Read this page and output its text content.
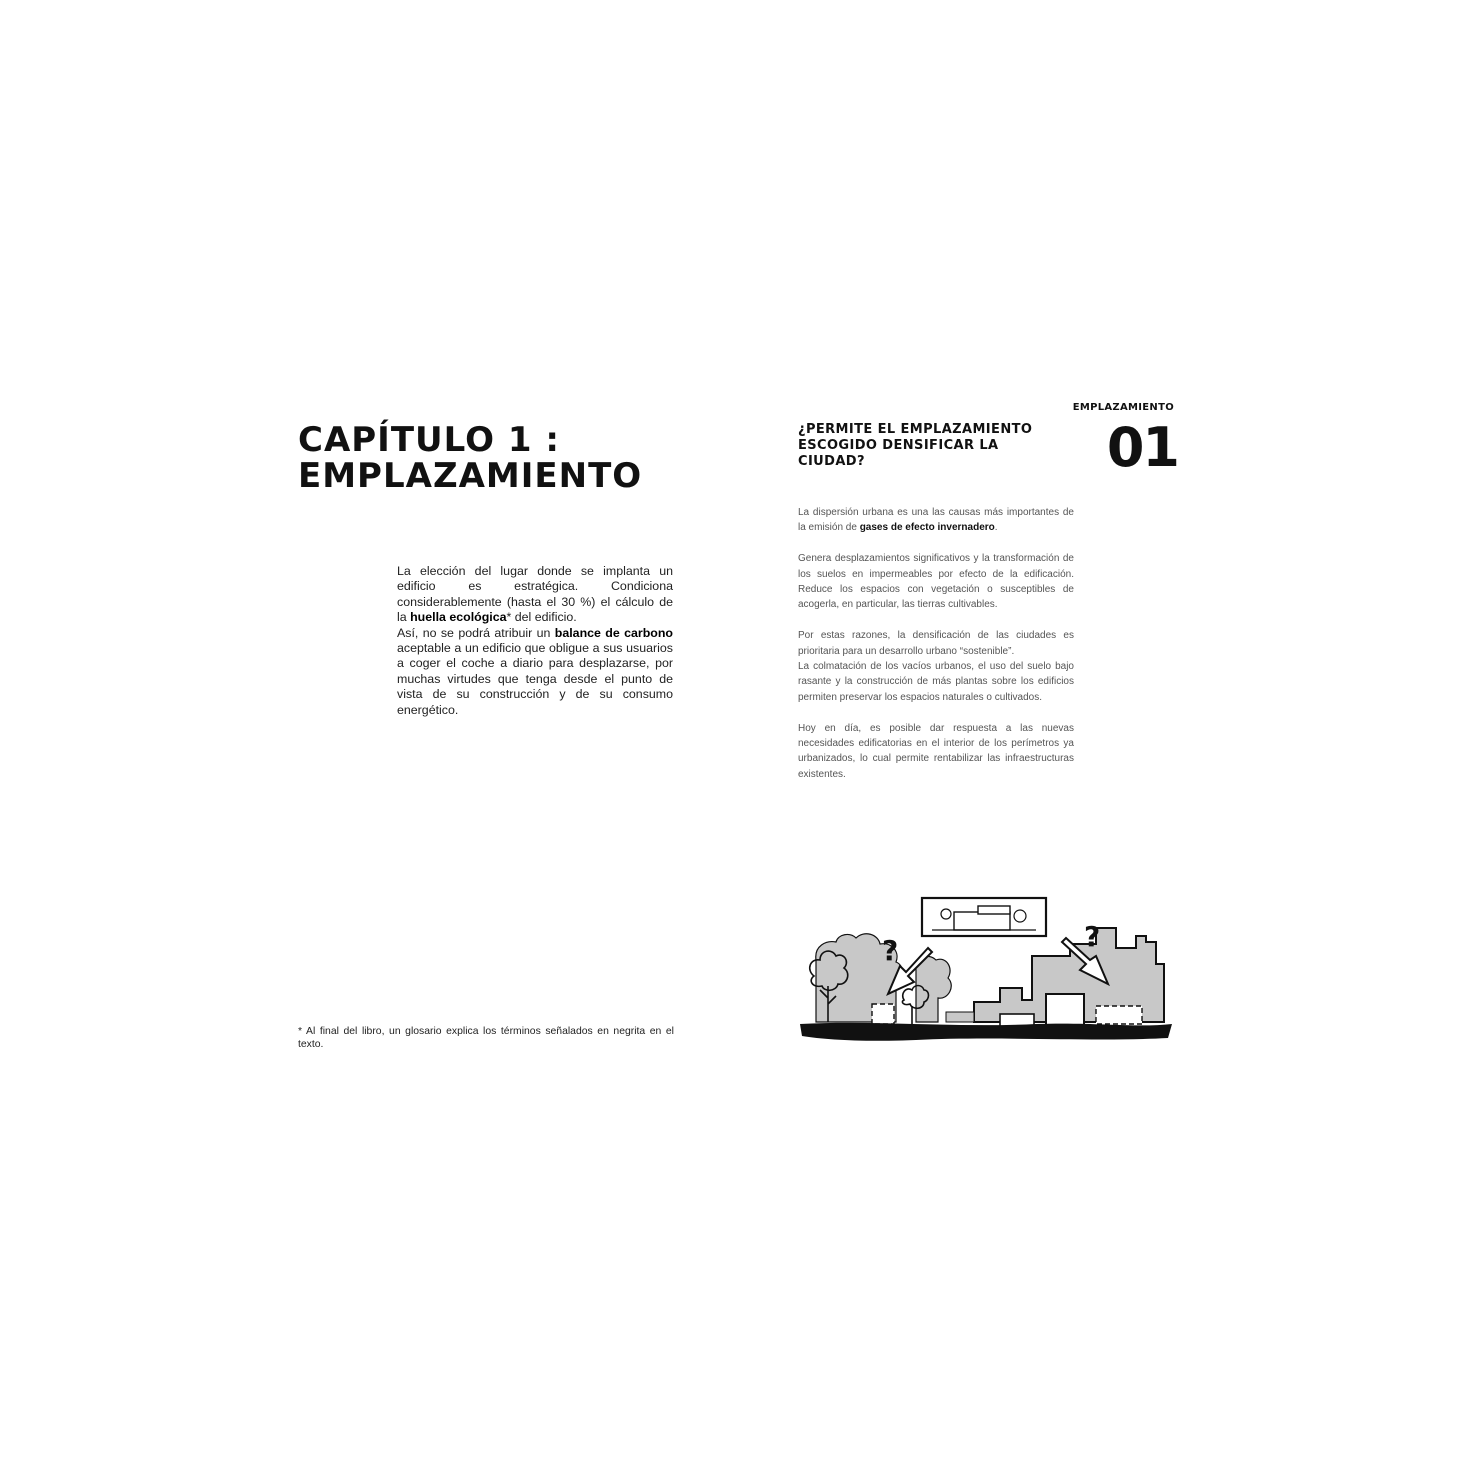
CAPÍTULO 1 :
EMPLAZAMIENTO

La elección del lugar donde se implanta un edificio es estratégica. Condiciona considerablemente (hasta el 30 %) el cálculo de la huella ecológica* del edificio.

Así, no se podrá atribuir un balance de carbono aceptable a un edificio que obligue a sus usuarios a coger el coche a diario para desplazarse, por muchas virtudes que tenga desde el punto de vista de su construcción y de su consumo energético.

* Al final del libro, un glosario explica los términos señalados en negrita en el texto.
EMPLAZAMIENTO
01
¿PERMITE EL EMPLAZAMIENTO
ESCOGIDO DENSIFICAR LA
CIUDAD?

La dispersión urbana es una las causas más importantes de la emisión de gases de efecto invernadero.

Genera desplazamientos significativos y la transformación de los suelos en impermeables por efecto de la edificación. Reduce los espacios con vegetación o susceptibles de acogerla, en particular, las tierras cultivables.

Por estas razones, la densificación de las ciudades es prioritaria para un desarrollo urbano “sostenible”.
La colmatación de los vacíos urbanos, el uso del suelo bajo rasante y la construcción de más plantas sobre los edificios permiten preservar los espacios naturales o cultivados.

Hoy en día, es posible dar respuesta a las nuevas necesidades edificatorias en el interior de los perímetros ya urbanizados, lo cual permite rentabilizar las infraestructuras existentes.

?	?
